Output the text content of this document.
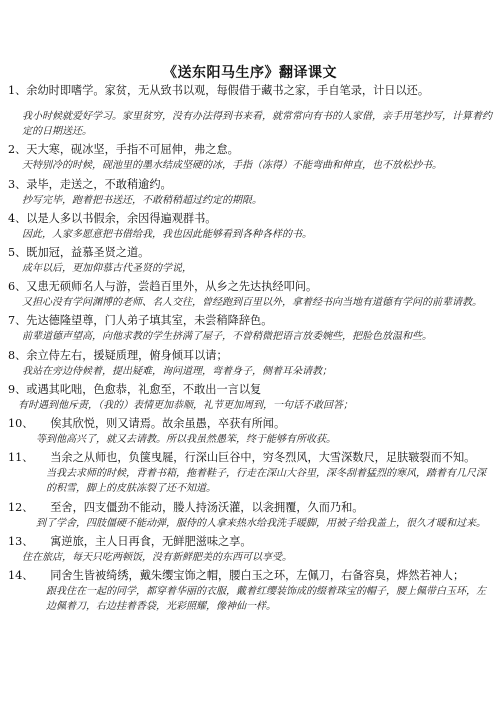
《送东阳马生序》翻译课文
1、余幼时即嗜学。家贫，无从致书以观，每假借于藏书之家，手自笔录，计日以还。
我小时候就爱好学习。家里贫穷，没有办法得到书来看，就常常向有书的人家借，亲手用笔抄写，计算着约定的日期送还。
2、天大寒，砚冰坚，手指不可屈伸，弗之怠。
天特别冷的时候，砚池里的墨水结成坚硬的冰，手指（冻得）不能弯曲和伸直，也不放松抄书。
3、录毕，走送之，不敢稍逾约。
抄写完毕，跑着把书送还，不敢稍稍超过约定的期限。
4、以是人多以书假余，余因得遍观群书。
因此，人家多愿意把书借给我，我也因此能够看到各种各样的书。
5、既加冠，益慕圣贤之道。
成年以后，更加仰慕古代圣贤的学说，
6、又患无硕师名人与游，尝趋百里外，从乡之先达执经叩问。
又担心没有学问渊博的老师、名人交往，曾经跑到百里以外，拿着经书向当地有道德有学问的前辈请教。
7、先达德隆望尊，门人弟子填其室，未尝稍降辞色。
前辈道德声望高，向他求教的学生挤满了屋子，不曾稍微把语言放委婉些，把脸色放温和些。
8、余立侍左右，援疑质理，俯身倾耳以请；
我站在旁边侍候着，提出疑难，询问道理，弯着身子，侧着耳朵请教；
9、或遇其叱咄，色愈恭，礼愈至，不敢出一言以复
有时遇到他斥责，（我的）表情更加恭顺，礼节更加周到，一句话不敢回答；
10、　　俟其欣悦，则又请焉。故余虽愚，卒获有所闻。
等到他高兴了，就又去请教。所以我虽然愚笨，终于能够有所收获。
11、　　当余之从师也，负箧曳屣，行深山巨谷中，穷冬烈风，大雪深数尺，足肤皲裂而不知。
当我去求师的时候，背着书箱，拖着鞋子，行走在深山大谷里，深冬刮着猛烈的寒风，踏着有几尺深的积雪，脚上的皮肤冻裂了还不知道。
12、　　至舍，四支僵劲不能动，媵人持汤沃灌，以衾拥覆，久而乃和。
到了学舍，四肢僵硬不能动弹，服侍的人拿来热水给我洗手暖脚，用被子给我盖上，很久才暖和过来。
13、　　寓逆旅，主人日再食，无鲜肥滋味之享。
住在旅店，每天只吃两顿饭，没有新鲜肥美的东西可以享受。
14、　　同舍生皆被绮绣，戴朱缨宝饰之帽，腰白玉之环，左佩刀，右备容臭，烨然若神人；
跟我住在一起的同学，都穿着华丽的衣服，戴着红缨装饰成的缀着珠宝的帽子，腰上佩带白玉环，左边佩着刀，右边挂着香袋，光彩照耀，像神仙一样。
